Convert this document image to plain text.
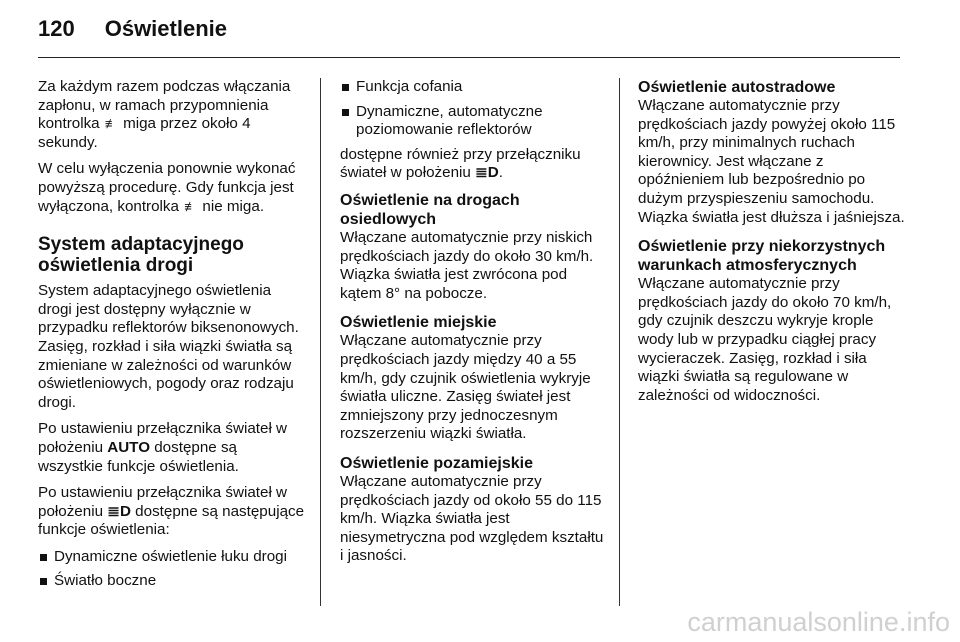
120 Oświetlenie

Za każdym razem podczas włączania zapłonu, w ramach przypomnienia kontrolka ≢ miga przez około 4 sekundy.

W celu wyłączenia ponownie wykonać powyższą procedurę. Gdy funkcja jest wyłączona, kontrolka ≢ nie miga.

System adaptacyjnego oświetlenia drogi

System adaptacyjnego oświetlenia drogi jest dostępny wyłącznie w przypadku reflektorów biksenonowych. Zasięg, rozkład i siła wiązki światła są zmieniane w zależności od warunków oświetleniowych, pogody oraz rodzaju drogi.

Po ustawieniu przełącznika świateł w położeniu AUTO dostępne są wszystkie funkcje oświetlenia.

Po ustawieniu przełącznika świateł w położeniu ≣D dostępne są następujące funkcje oświetlenia:

Dynamiczne oświetlenie łuku drogi
Światło boczne
Funkcja cofania
Dynamiczne, automatyczne poziomowanie reflektorów

dostępne również przy przełączniku świateł w położeniu ≣D.

Oświetlenie na drogach osiedlowych
Włączane automatycznie przy niskich prędkościach jazdy do około 30 km/h. Wiązka światła jest zwrócona pod kątem 8° na pobocze.
Oświetlenie miejskie
Włączane automatycznie przy prędkościach jazdy między 40 a 55 km/h, gdy czujnik oświetlenia wykryje światła uliczne. Zasięg świateł jest zmniejszony przy jednoczesnym rozszerzeniu wiązki światła.
Oświetlenie pozamiejskie
Włączane automatycznie przy prędkościach jazdy od około 55 do 115 km/h. Wiązka światła jest niesymetryczna pod względem kształtu i jasności.
Oświetlenie autostradowe
Włączane automatycznie przy prędkościach jazdy powyżej około 115 km/h, przy minimalnych ruchach kierownicy. Jest włączane z opóźnieniem lub bezpośrednio po dużym przyspieszeniu samochodu. Wiązka światła jest dłuższa i jaśniejsza.
Oświetlenie przy niekorzystnych warunkach atmosferycznych
Włączane automatycznie przy prędkościach jazdy do około 70 km/h, gdy czujnik deszczu wykryje krople wody lub w przypadku ciągłej pracy wycieraczek. Zasięg, rozkład i siła wiązki światła są regulowane w zależności od widoczności.
carmanualsonline.info
